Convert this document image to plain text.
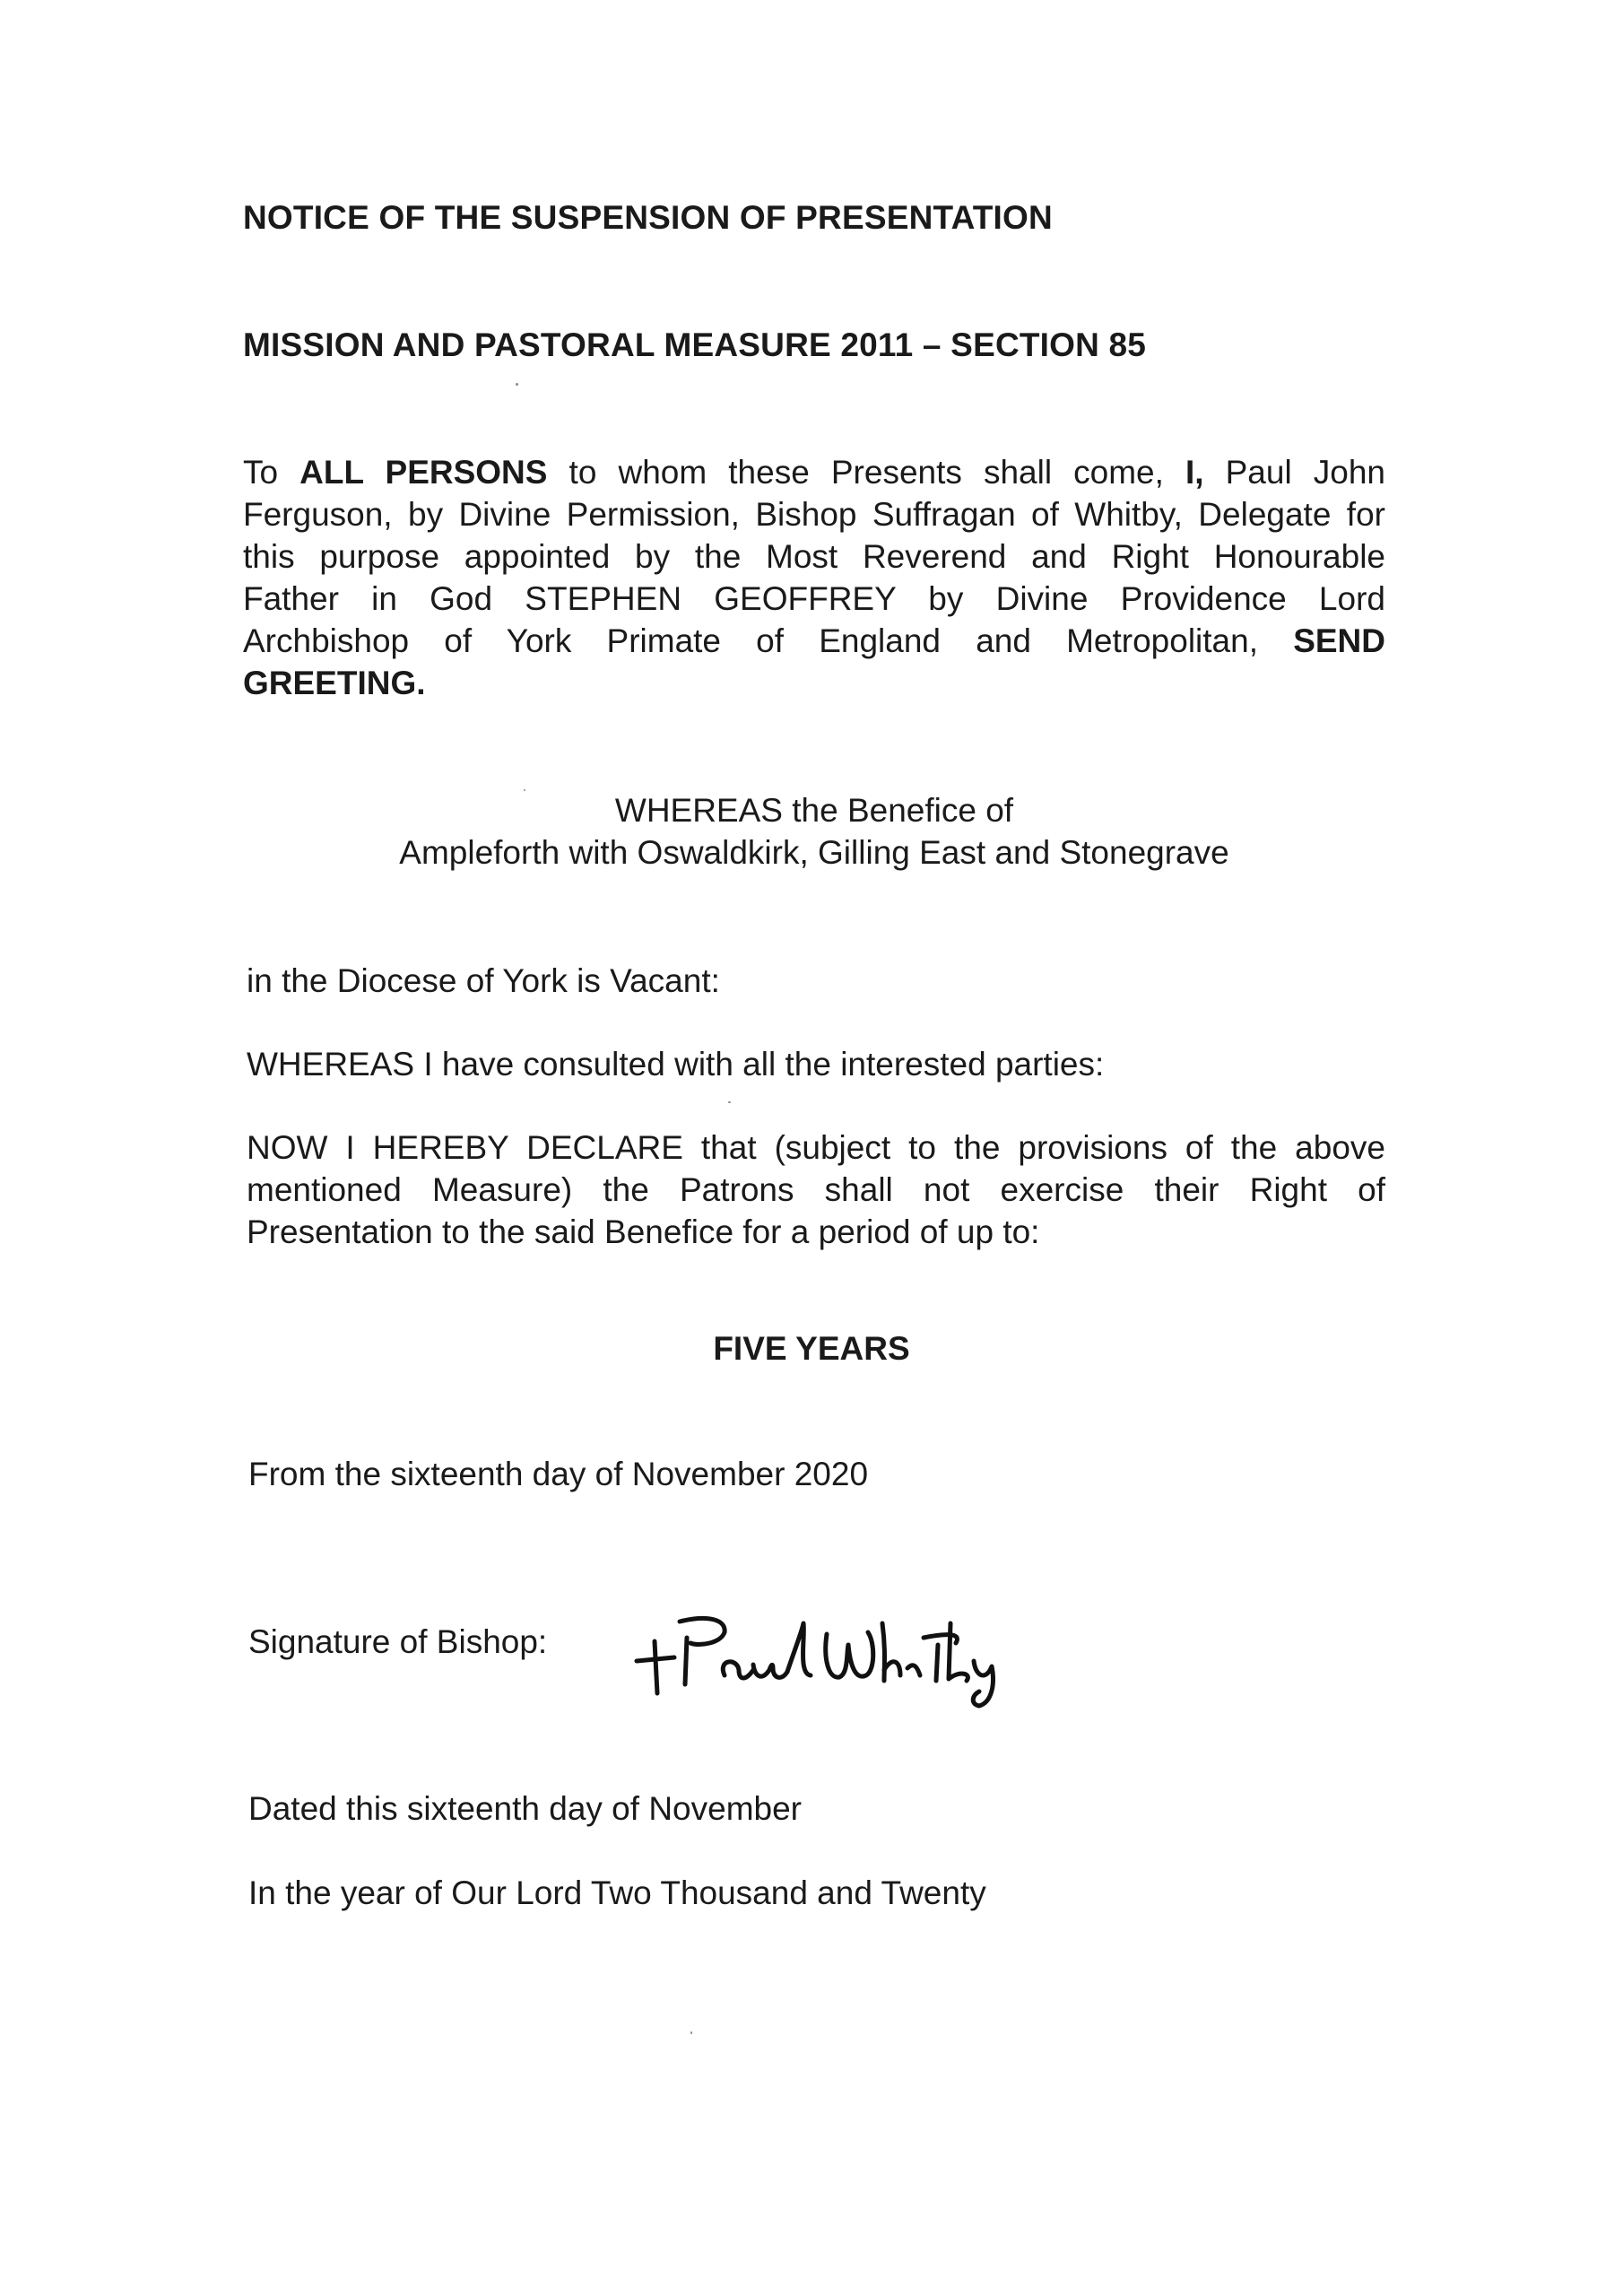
NOTICE OF THE SUSPENSION OF PRESENTATION
MISSION AND PASTORAL MEASURE 2011 – SECTION 85
To ALL PERSONS to whom these Presents shall come, I, Paul John
Ferguson, by Divine Permission, Bishop Suffragan of Whitby, Delegate for
this purpose appointed by the Most Reverend and Right Honourable
Father in God STEPHEN GEOFFREY by Divine Providence Lord
Archbishop of York Primate of England and Metropolitan, SEND
GREETING.
WHEREAS the Benefice of
Ampleforth with Oswaldkirk, Gilling East and Stonegrave

in the Diocese of York is Vacant:

WHEREAS I have consulted with all the interested parties:

NOW I HEREBY DECLARE that (subject to the provisions of the above
mentioned Measure) the Patrons shall not exercise their Right of
Presentation to the said Benefice for a period of up to:

FIVE YEARS

From the sixteenth day of November 2020

Signature of Bishop:

Dated this sixteenth day of November

In the year of Our Lord Two Thousand and Twenty
